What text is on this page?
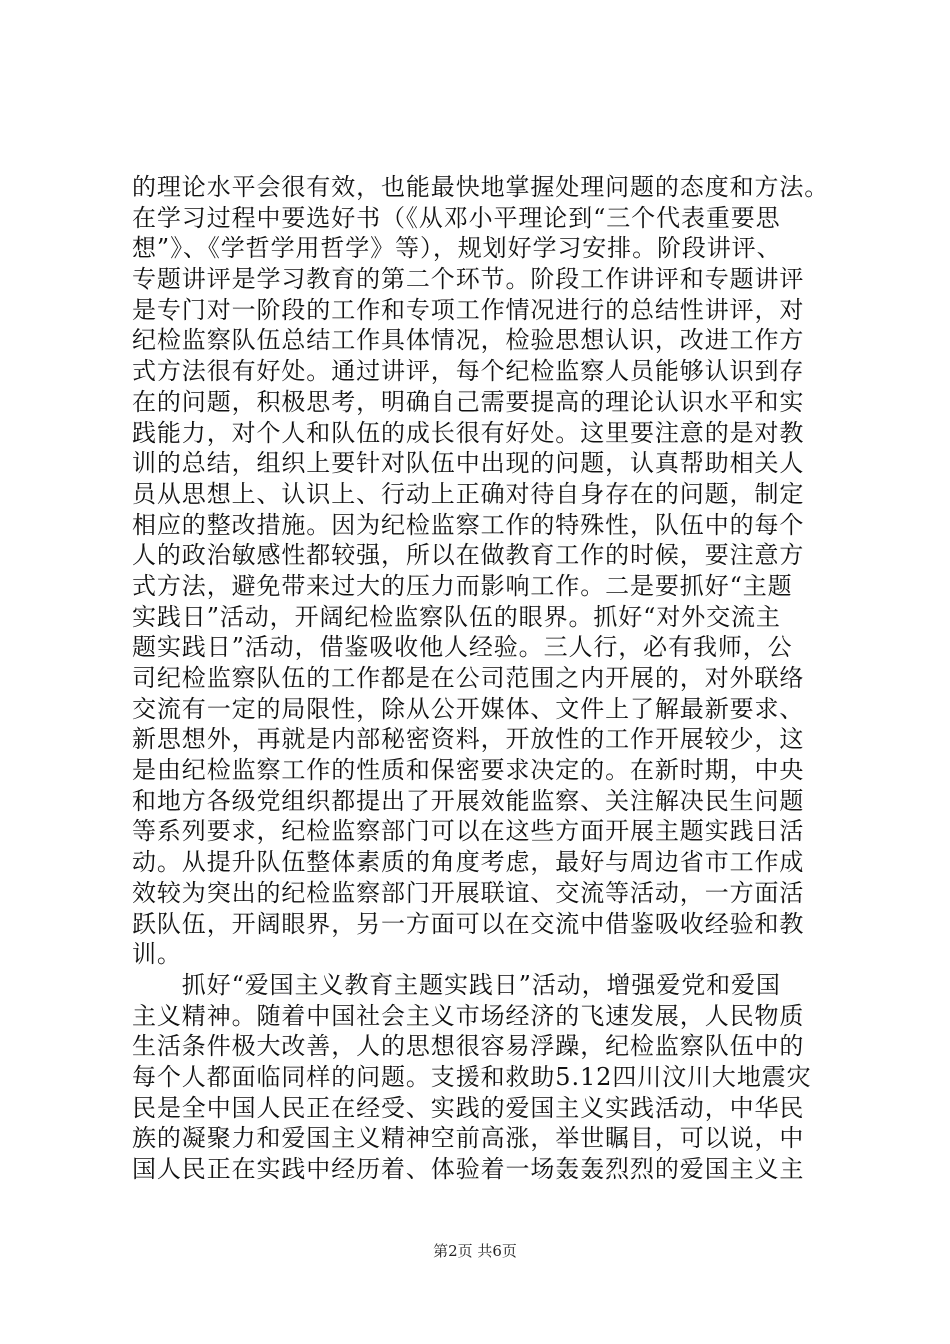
的理论水平会很有效，也能最快地掌握处理问题的态度和方法。
在学习过程中要选好书（《从邓小平理论到“三个代表重要思
想”》、《学哲学用哲学》等），规划好学习安排。阶段讲评、
专题讲评是学习教育的第二个环节。阶段工作讲评和专题讲评
是专门对一阶段的工作和专项工作情况进行的总结性讲评，对
纪检监察队伍总结工作具体情况，检验思想认识，改进工作方
式方法很有好处。通过讲评，每个纪检监察人员能够认识到存
在的问题，积极思考，明确自己需要提高的理论认识水平和实
践能力，对个人和队伍的成长很有好处。这里要注意的是对教
训的总结，组织上要针对队伍中出现的问题，认真帮助相关人
员从思想上、认识上、行动上正确对待自身存在的问题，制定
相应的整改措施。因为纪检监察工作的特殊性，队伍中的每个
人的政治敏感性都较强，所以在做教育工作的时候，要注意方
式方法，避免带来过大的压力而影响工作。二是要抓好“主题
实践日”活动，开阔纪检监察队伍的眼界。抓好“对外交流主
题实践日”活动，借鉴吸收他人经验。三人行，必有我师，公
司纪检监察队伍的工作都是在公司范围之内开展的，对外联络
交流有一定的局限性，除从公开媒体、文件上了解最新要求、
新思想外，再就是内部秘密资料，开放性的工作开展较少，这
是由纪检监察工作的性质和保密要求决定的。在新时期，中央
和地方各级党组织都提出了开展效能监察、关注解决民生问题
等系列要求，纪检监察部门可以在这些方面开展主题实践日活
动。从提升队伍整体素质的角度考虑，最好与周边省市工作成
效较为突出的纪检监察部门开展联谊、交流等活动，一方面活
跃队伍，开阔眼界，另一方面可以在交流中借鉴吸收经验和教
训。
　　抓好“爱国主义教育主题实践日”活动，增强爱党和爱国
主义精神。随着中国社会主义市场经济的飞速发展，人民物质
生活条件极大改善，人的思想很容易浮躁，纪检监察队伍中的
每个人都面临同样的问题。支援和救助5.12四川汶川大地震灾
民是全中国人民正在经受、实践的爱国主义实践活动，中华民
族的凝聚力和爱国主义精神空前高涨，举世瞩目，可以说，中
国人民正在实践中经历着、体验着一场轰轰烈烈的爱国主义主
第2页 共6页
